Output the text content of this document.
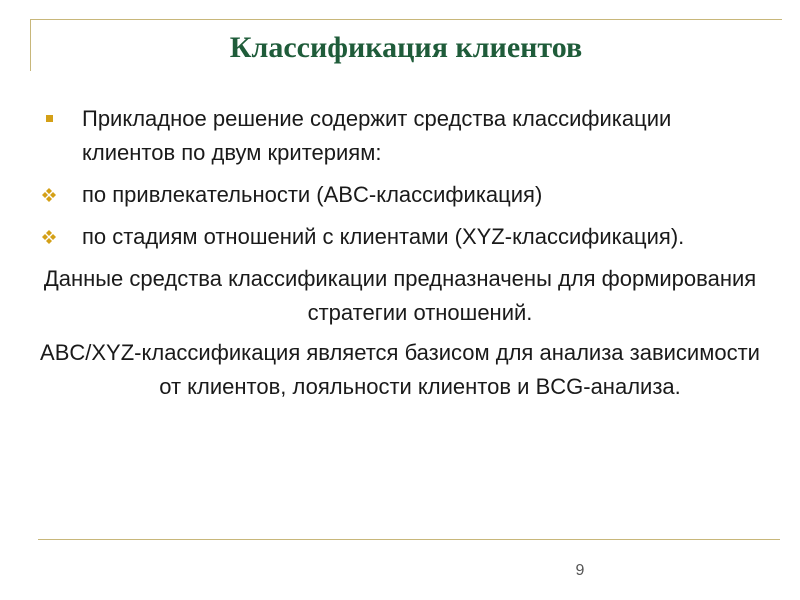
Классификация клиентов
Прикладное решение содержит средства классификации клиентов по двум критериям:
по привлекательности (ABC-классификация)
по стадиям отношений с клиентами (XYZ-классификация).
Данные средства классификации предназначены для формирования стратегии отношений.
ABC/XYZ-классификация является базисом для анализа зависимости от клиентов, лояльности клиентов и BCG-анализа.
9
